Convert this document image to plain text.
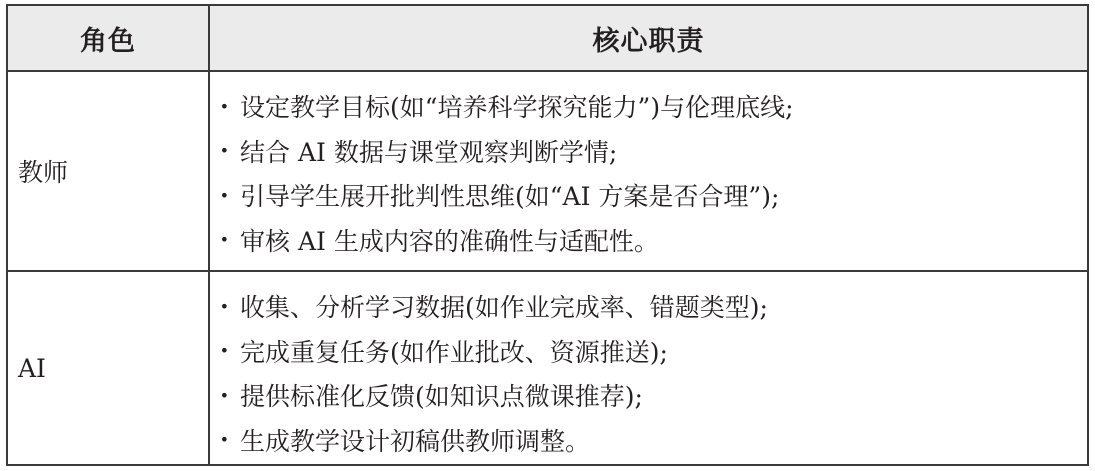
角色	核心职责
教师
· 设定教学目标(如“培养科学探究能力”)与伦理底线;
· 结合 AI 数据与课堂观察判断学情;
· 引导学生展开批判性思维(如“AI 方案是否合理”);
· 审核 AI 生成内容的准确性与适配性。
AI
· 收集、分析学习数据(如作业完成率、错题类型);
· 完成重复任务(如作业批改、资源推送);
· 提供标准化反馈(如知识点微课推荐);
· 生成教学设计初稿供教师调整。
